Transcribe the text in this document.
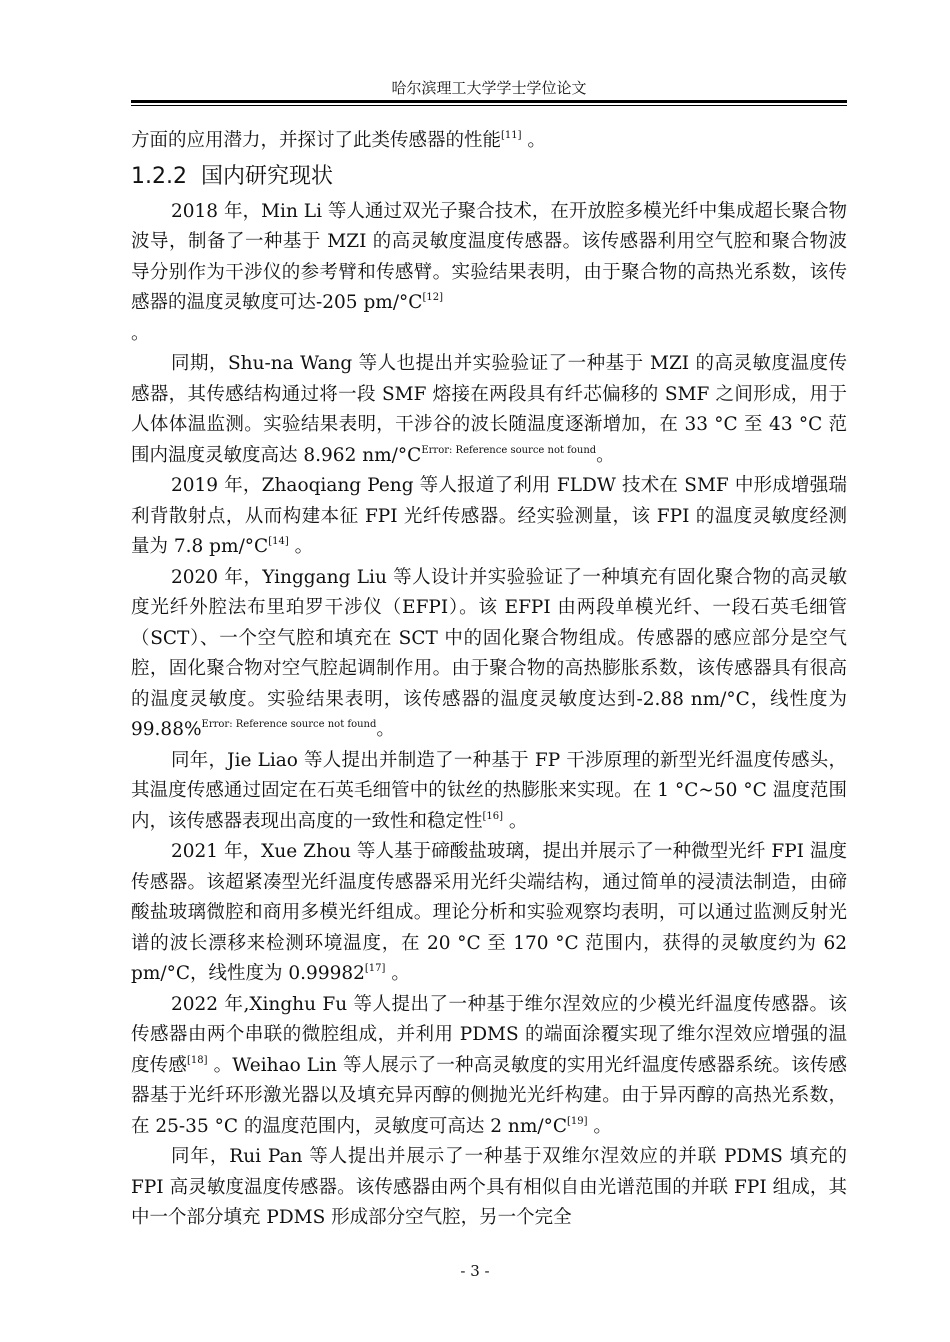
哈尔滨理工大学学士学位论文

方面的应用潜力，并探讨了此类传感器的性能[11] 。

1.2.2 国内研究现状

2018 年，Min Li 等人通过双光子聚合技术，在开放腔多模光纤中集成超长聚合物波导，制备了一种基于 MZI 的高灵敏度温度传感器。该传感器利用空气腔和聚合物波导分别作为干涉仪的参考臂和传感臂。实验结果表明，由于聚合物的高热光系数，该传感器的温度灵敏度可达-205 pm/°C[12]
。

同期，Shu-na Wang 等人也提出并实验验证了一种基于 MZI 的高灵敏度温度传感器，其传感结构通过将一段 SMF 熔接在两段具有纤芯偏移的 SMF 之间形成，用于人体体温监测。实验结果表明，干涉谷的波长随温度逐渐增加，在 33 °C 至 43 °C 范围内温度灵敏度高达 8.962 nm/°C$^{Error: Reference source not found}$。

2019 年，Zhaoqiang Peng 等人报道了利用 FLDW 技术在 SMF 中形成增强瑞利背散射点，从而构建本征 FPI 光纤传感器。经实验测量，该 FPI 的温度灵敏度经测量为 7.8 pm/°C[14] 。

2020 年，Yinggang Liu 等人设计并实验验证了一种填充有固化聚合物的高灵敏度光纤外腔法布里珀罗干涉仪（EFPI）。该 EFPI 由两段单模光纤、一段石英毛细管（SCT）、一个空气腔和填充在 SCT 中的固化聚合物组成。传感器的感应部分是空气腔，固化聚合物对空气腔起调制作用。由于聚合物的高热膨胀系数，该传感器具有很高的温度灵敏度。实验结果表明，该传感器的温度灵敏度达到-2.88 nm/°C，线性度为 99.88%$^{Error: Reference source not found}$。

同年，Jie Liao 等人提出并制造了一种基于 FP 干涉原理的新型光纤温度传感头，其温度传感通过固定在石英毛细管中的钛丝的热膨胀来实现。在 1 °C~50 °C 温度范围内，该传感器表现出高度的一致性和稳定性[16] 。

2021 年，Xue Zhou 等人基于碲酸盐玻璃，提出并展示了一种微型光纤 FPI 温度传感器。该超紧凑型光纤温度传感器采用光纤尖端结构，通过简单的浸渍法制造，由碲酸盐玻璃微腔和商用多模光纤组成。理论分析和实验观察均表明，可以通过监测反射光谱的波长漂移来检测环境温度，在 20 °C 至 170 °C 范围内，获得的灵敏度约为 62 pm/°C，线性度为 0.99982[17] 。

2022 年,Xinghu Fu 等人提出了一种基于维尔涅效应的少模光纤温度传感器。该传感器由两个串联的微腔组成，并利用 PDMS 的端面涂覆实现了维尔涅效应增强的温度传感[18] 。Weihao Lin 等人展示了一种高灵敏度的实用光纤温度传感器系统。该传感器基于光纤环形激光器以及填充异丙醇的侧抛光光纤构建。由于异丙醇的高热光系数，在 25-35 °C 的温度范围内，灵敏度可高达 2 nm/°C[19] 。

同年，Rui Pan 等人提出并展示了一种基于双维尔涅效应的并联 PDMS 填充的 FPI 高灵敏度温度传感器。该传感器由两个具有相似自由光谱范围的并联 FPI 组成，其中一个部分填充 PDMS 形成部分空气腔，另一个完全

- 3 -
